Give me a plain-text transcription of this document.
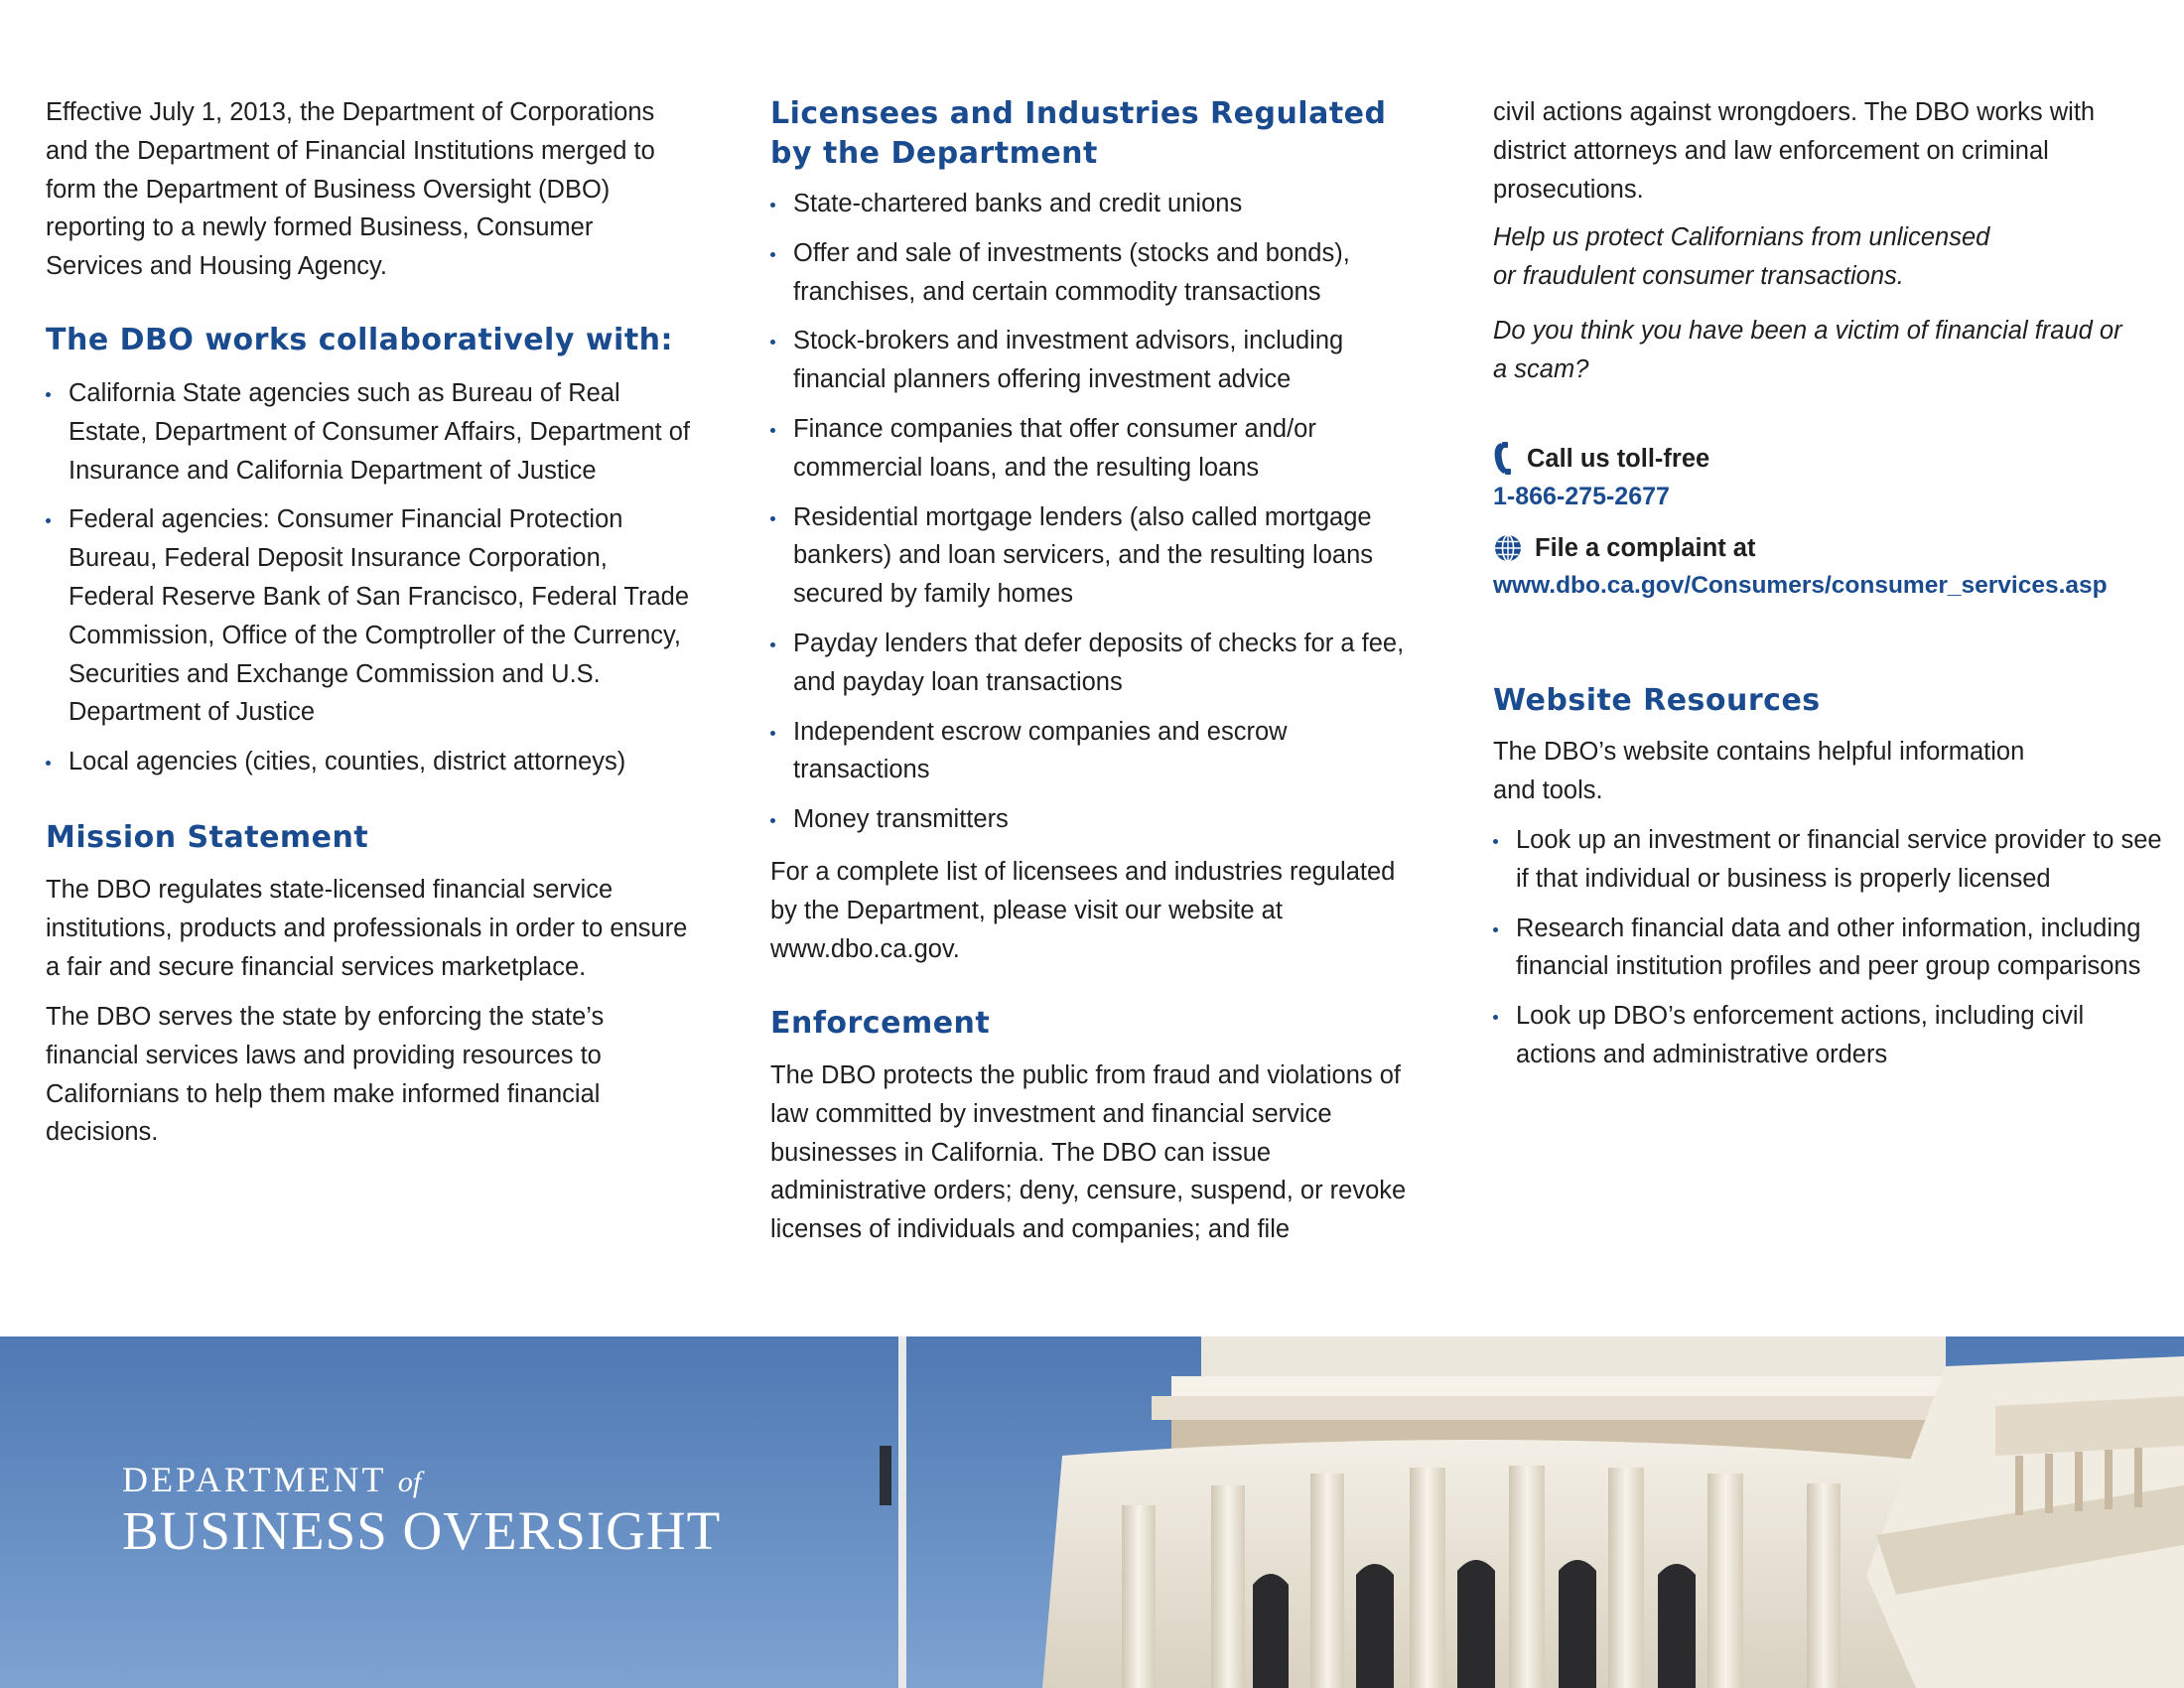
Effective July 1, 2013, the Department of Corporations and the Department of Financial Institutions merged to form the Department of Business Oversight (DBO) reporting to a newly formed Business, Consumer Services and Housing Agency.

The DBO works collaboratively with:
California State agencies such as Bureau of Real Estate, Department of Consumer Affairs, Department of Insurance and California Department of Justice
Federal agencies: Consumer Financial Protection Bureau, Federal Deposit Insurance Corporation, Federal Reserve Bank of San Francisco, Federal Trade Commission, Office of the Comptroller of the Currency, Securities and Exchange Commission and U.S. Department of Justice
Local agencies (cities, counties, district attorneys)
Mission Statement

The DBO regulates state-licensed financial service institutions, products and professionals in order to ensure a fair and secure financial services marketplace.

The DBO serves the state by enforcing the state’s financial services laws and providing resources to Californians to help them make informed financial decisions.

Licensees and Industries Regulated by the Department
State-chartered banks and credit unions
Offer and sale of investments (stocks and bonds), franchises, and certain commodity transactions
Stock-brokers and investment advisors, including financial planners offering investment advice
Finance companies that offer consumer and/or commercial loans, and the resulting loans
Residential mortgage lenders (also called mortgage bankers) and loan servicers, and the resulting loans secured by family homes
Payday lenders that defer deposits of checks for a fee, and payday loan transactions
Independent escrow companies and escrow transactions
Money transmitters

For a complete list of licensees and industries regulated by the Department, please visit our website at www.dbo.ca.gov.

Enforcement

The DBO protects the public from fraud and violations of law committed by investment and financial service businesses in California. The DBO can issue administrative orders; deny, censure, suspend, or revoke licenses of individuals and companies; and file

civil actions against wrongdoers. The DBO works with district attorneys and law enforcement on criminal prosecutions.

Help us protect Californians from unlicensed or fraudulent consumer transactions.

Do you think you have been a victim of financial fraud or a scam?

Call us toll-free
1-866-275-2677
File a complaint at
www.dbo.ca.gov/Consumers/consumer_services.asp
Website Resources

The DBO’s website contains helpful information and tools.

Look up an investment or financial service provider to see if that individual or business is properly licensed
Research financial data and other information, including financial institution profiles and peer group comparisons
Look up DBO’s enforcement actions, including civil actions and administrative orders
DEPARTMENT of
BUSINESS OVERSIGHT
